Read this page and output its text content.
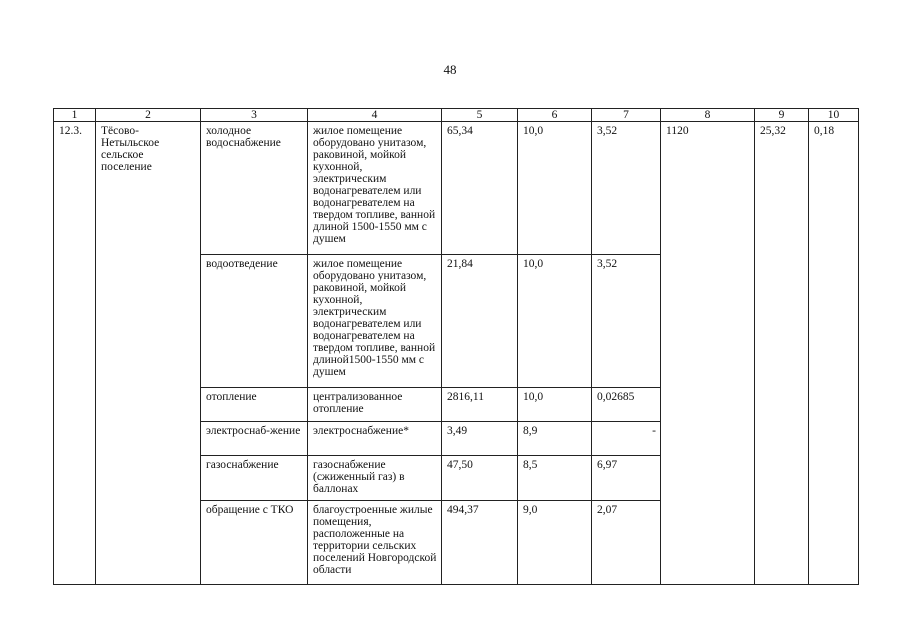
48
1	2	3	4	5	6	7	8	9	10
12.3.	Тёсово-Нетыльское сельское поселение	холодное водоснабжение	жилое помещение оборудовано унитазом, раковиной, мойкой кухонной, электрическим водонагревателем или водонагревателем на твердом топливе, ванной длиной 1500-1550 мм с душем	65,34	10,0	3,52	1120	25,32	0,18
		водоотведение	жилое помещение оборудовано унитазом, раковиной, мойкой кухонной, электрическим водонагревателем или водонагревателем на твердом топливе, ванной длиной1500-1550 мм с душем	21,84	10,0	3,52			
		отопление	централизованное отопление	2816,11	10,0	0,02685			
		электроснаб-жение	электроснабжение*	3,49	8,9	-			
		газоснабжение	газоснабжение (сжиженный газ) в баллонах	47,50	8,5	6,97			
		обращение с ТКО	благоустроенные жилые помещения, расположенные на территории сельских поселений Новгородской области	494,37	9,0	2,07			
